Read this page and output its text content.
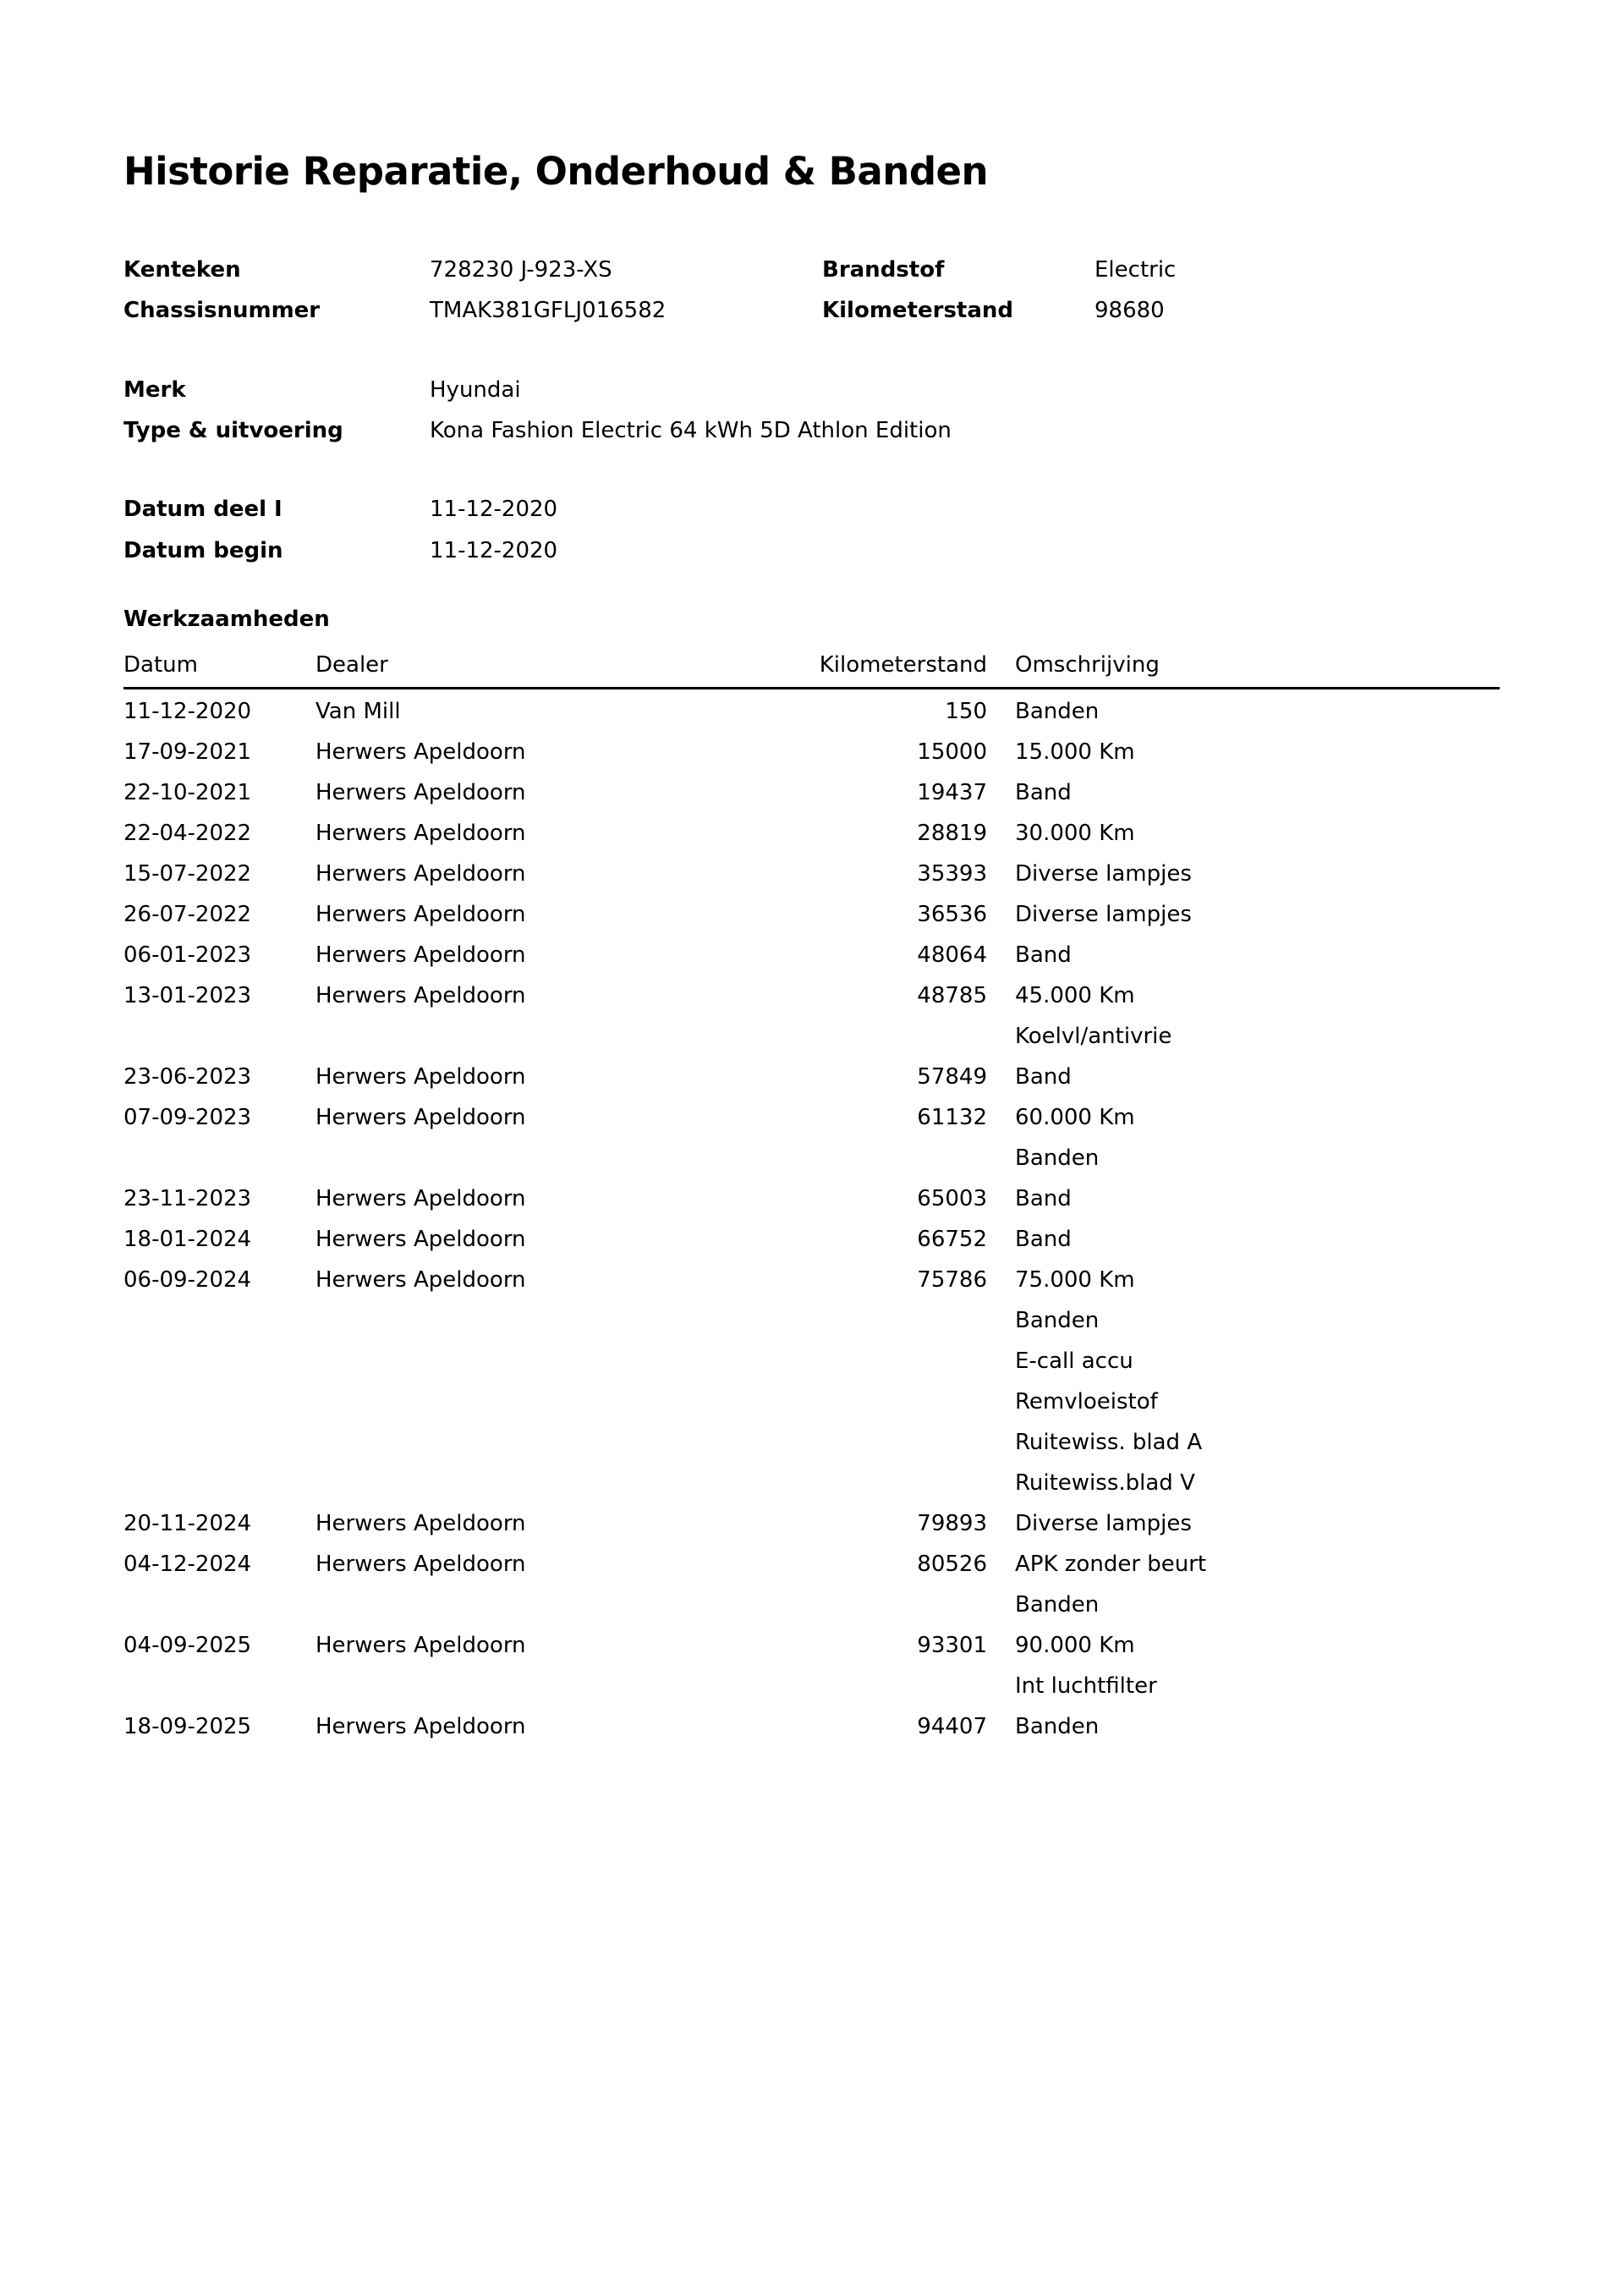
Historie Reparatie, Onderhoud & Banden
Kenteken	728230 J-923-XS	Brandstof	Electric
Chassisnummer	TMAK381GFLJ016582	Kilometerstand	98680
Merk	Hyundai
Type & uitvoering	Kona Fashion Electric 64 kWh 5D Athlon Edition
Datum deel I	11-12-2020
Datum begin	11-12-2020
Werkzaamheden
Datum	Dealer	Kilometerstand	Omschrijving
11-12-2020	Van Mill	150	Banden
17-09-2021	Herwers Apeldoorn	15000	15.000 Km
22-10-2021	Herwers Apeldoorn	19437	Band
22-04-2022	Herwers Apeldoorn	28819	30.000 Km
15-07-2022	Herwers Apeldoorn	35393	Diverse lampjes
26-07-2022	Herwers Apeldoorn	36536	Diverse lampjes
06-01-2023	Herwers Apeldoorn	48064	Band
13-01-2023	Herwers Apeldoorn	48785	45.000 Km
			Koelvl/antivrie
23-06-2023	Herwers Apeldoorn	57849	Band
07-09-2023	Herwers Apeldoorn	61132	60.000 Km
			Banden
23-11-2023	Herwers Apeldoorn	65003	Band
18-01-2024	Herwers Apeldoorn	66752	Band
06-09-2024	Herwers Apeldoorn	75786	75.000 Km
			Banden
			E-call accu
			Remvloeistof
			Ruitewiss. blad A
			Ruitewiss.blad V
20-11-2024	Herwers Apeldoorn	79893	Diverse lampjes
04-12-2024	Herwers Apeldoorn	80526	APK zonder beurt
			Banden
04-09-2025	Herwers Apeldoorn	93301	90.000 Km
			Int luchtfilter
18-09-2025	Herwers Apeldoorn	94407	Banden
